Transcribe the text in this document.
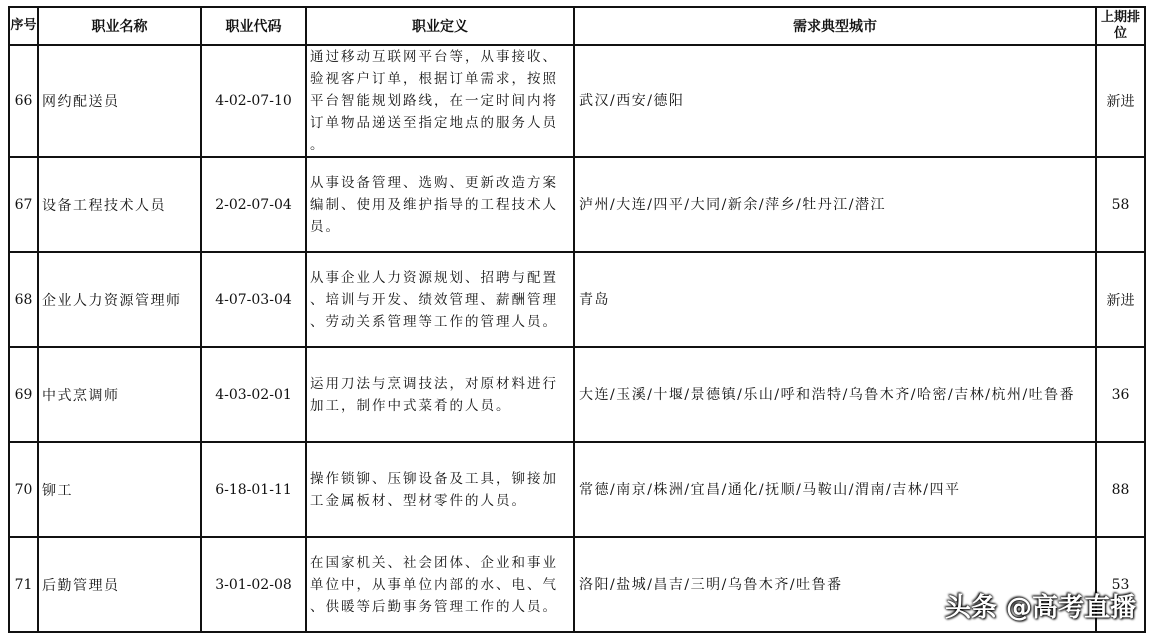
序号	职业名称	职业代码	职业定义	需求典型城市	上期排位
66	网约配送员	4-02-07-10	通过移动互联网平台等，从事接收、
验视客户订单，根据订单需求，按照
平台智能规划路线，在一定时间内将
订单物品递送至指定地点的服务人员
。	武汉/西安/德阳	新进
67	设备工程技术人员	2-02-07-04	从事设备管理、选购、更新改造方案
编制、使用及维护指导的工程技术人
员。	泸州/大连/四平/大同/新余/萍乡/牡丹江/潜江	58
68	企业人力资源管理师	4-07-03-04	从事企业人力资源规划、招聘与配置
、培训与开发、绩效管理、薪酬管理
、劳动关系管理等工作的管理人员。	青岛	新进
69	中式烹调师	4-03-02-01	运用刀法与烹调技法，对原材料进行
加工，制作中式菜肴的人员。	大连/玉溪/十堰/景德镇/乐山/呼和浩特/乌鲁木齐/哈密/吉林/杭州/吐鲁番	36
70	铆工	6-18-01-11	操作锁铆、压铆设备及工具，铆接加
工金属板材、型材零件的人员。	常德/南京/株洲/宜昌/通化/抚顺/马鞍山/渭南/吉林/四平	88
71	后勤管理员	3-01-02-08	在国家机关、社会团体、企业和事业
单位中，从事单位内部的水、电、气
、供暖等后勤事务管理工作的人员。	洛阳/盐城/昌吉/三明/乌鲁木齐/吐鲁番	53
头条 @高考直播
